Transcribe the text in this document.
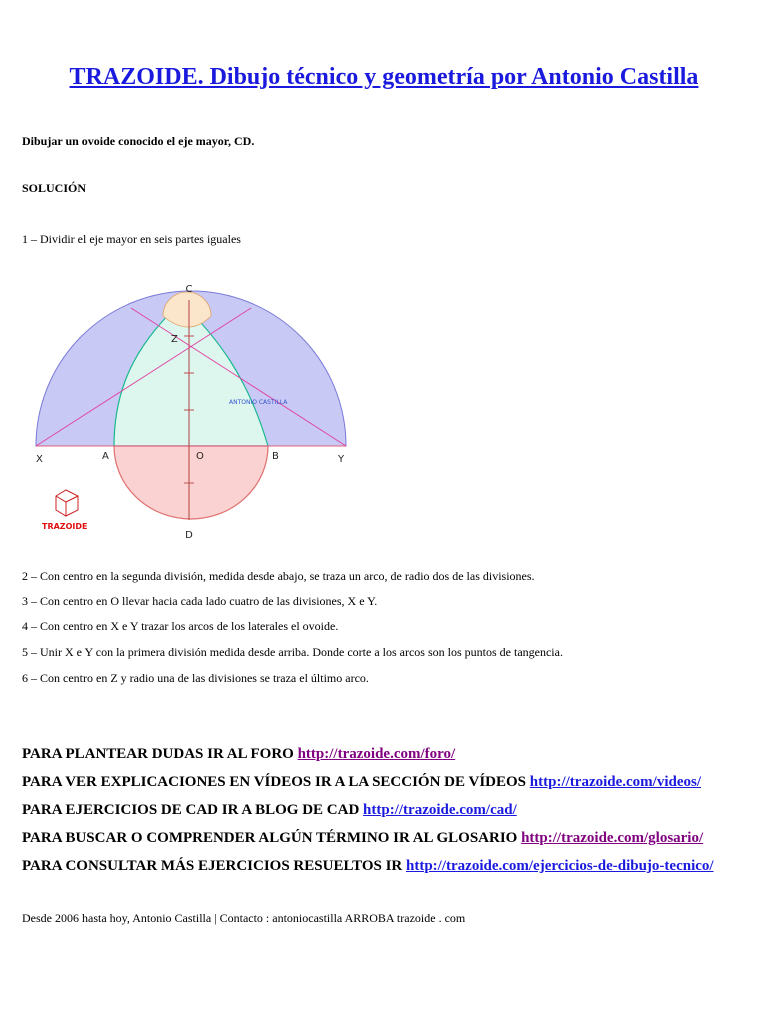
TRAZOIDE. Dibujo técnico y geometría por Antonio Castilla

Dibujar un ovoide conocido el eje mayor, CD.

SOLUCIÓN

1 – Dividir el eje mayor en seis partes iguales

C
Z
X	A	O	B	Y
D
ANTONIO CASTILLA
TRAZOIDE

2 – Con centro en la segunda división, medida desde abajo, se traza un arco, de radio dos de las divisiones.

3 – Con centro en O llevar hacia cada lado cuatro de las divisiones, X e Y.

4 – Con centro en X e Y trazar los arcos de los laterales el ovoide.

5 – Unir X e Y con la primera división medida desde arriba. Donde corte a los arcos son los puntos de tangencia.

6 – Con centro en Z y radio una de las divisiones se traza el último arco.

PARA PLANTEAR DUDAS IR AL FORO http://trazoide.com/foro/

PARA VER EXPLICACIONES EN VÍDEOS IR A LA SECCIÓN DE VÍDEOS http://trazoide.com/videos/

PARA EJERCICIOS DE CAD IR A BLOG DE CAD http://trazoide.com/cad/

PARA BUSCAR O COMPRENDER ALGÚN TÉRMINO IR AL GLOSARIO http://trazoide.com/glosario/

PARA CONSULTAR MÁS EJERCICIOS RESUELTOS IR http://trazoide.com/ejercicios-de-dibujo-tecnico/

Desde 2006 hasta hoy, Antonio Castilla | Contacto : antoniocastilla ARROBA trazoide . com
